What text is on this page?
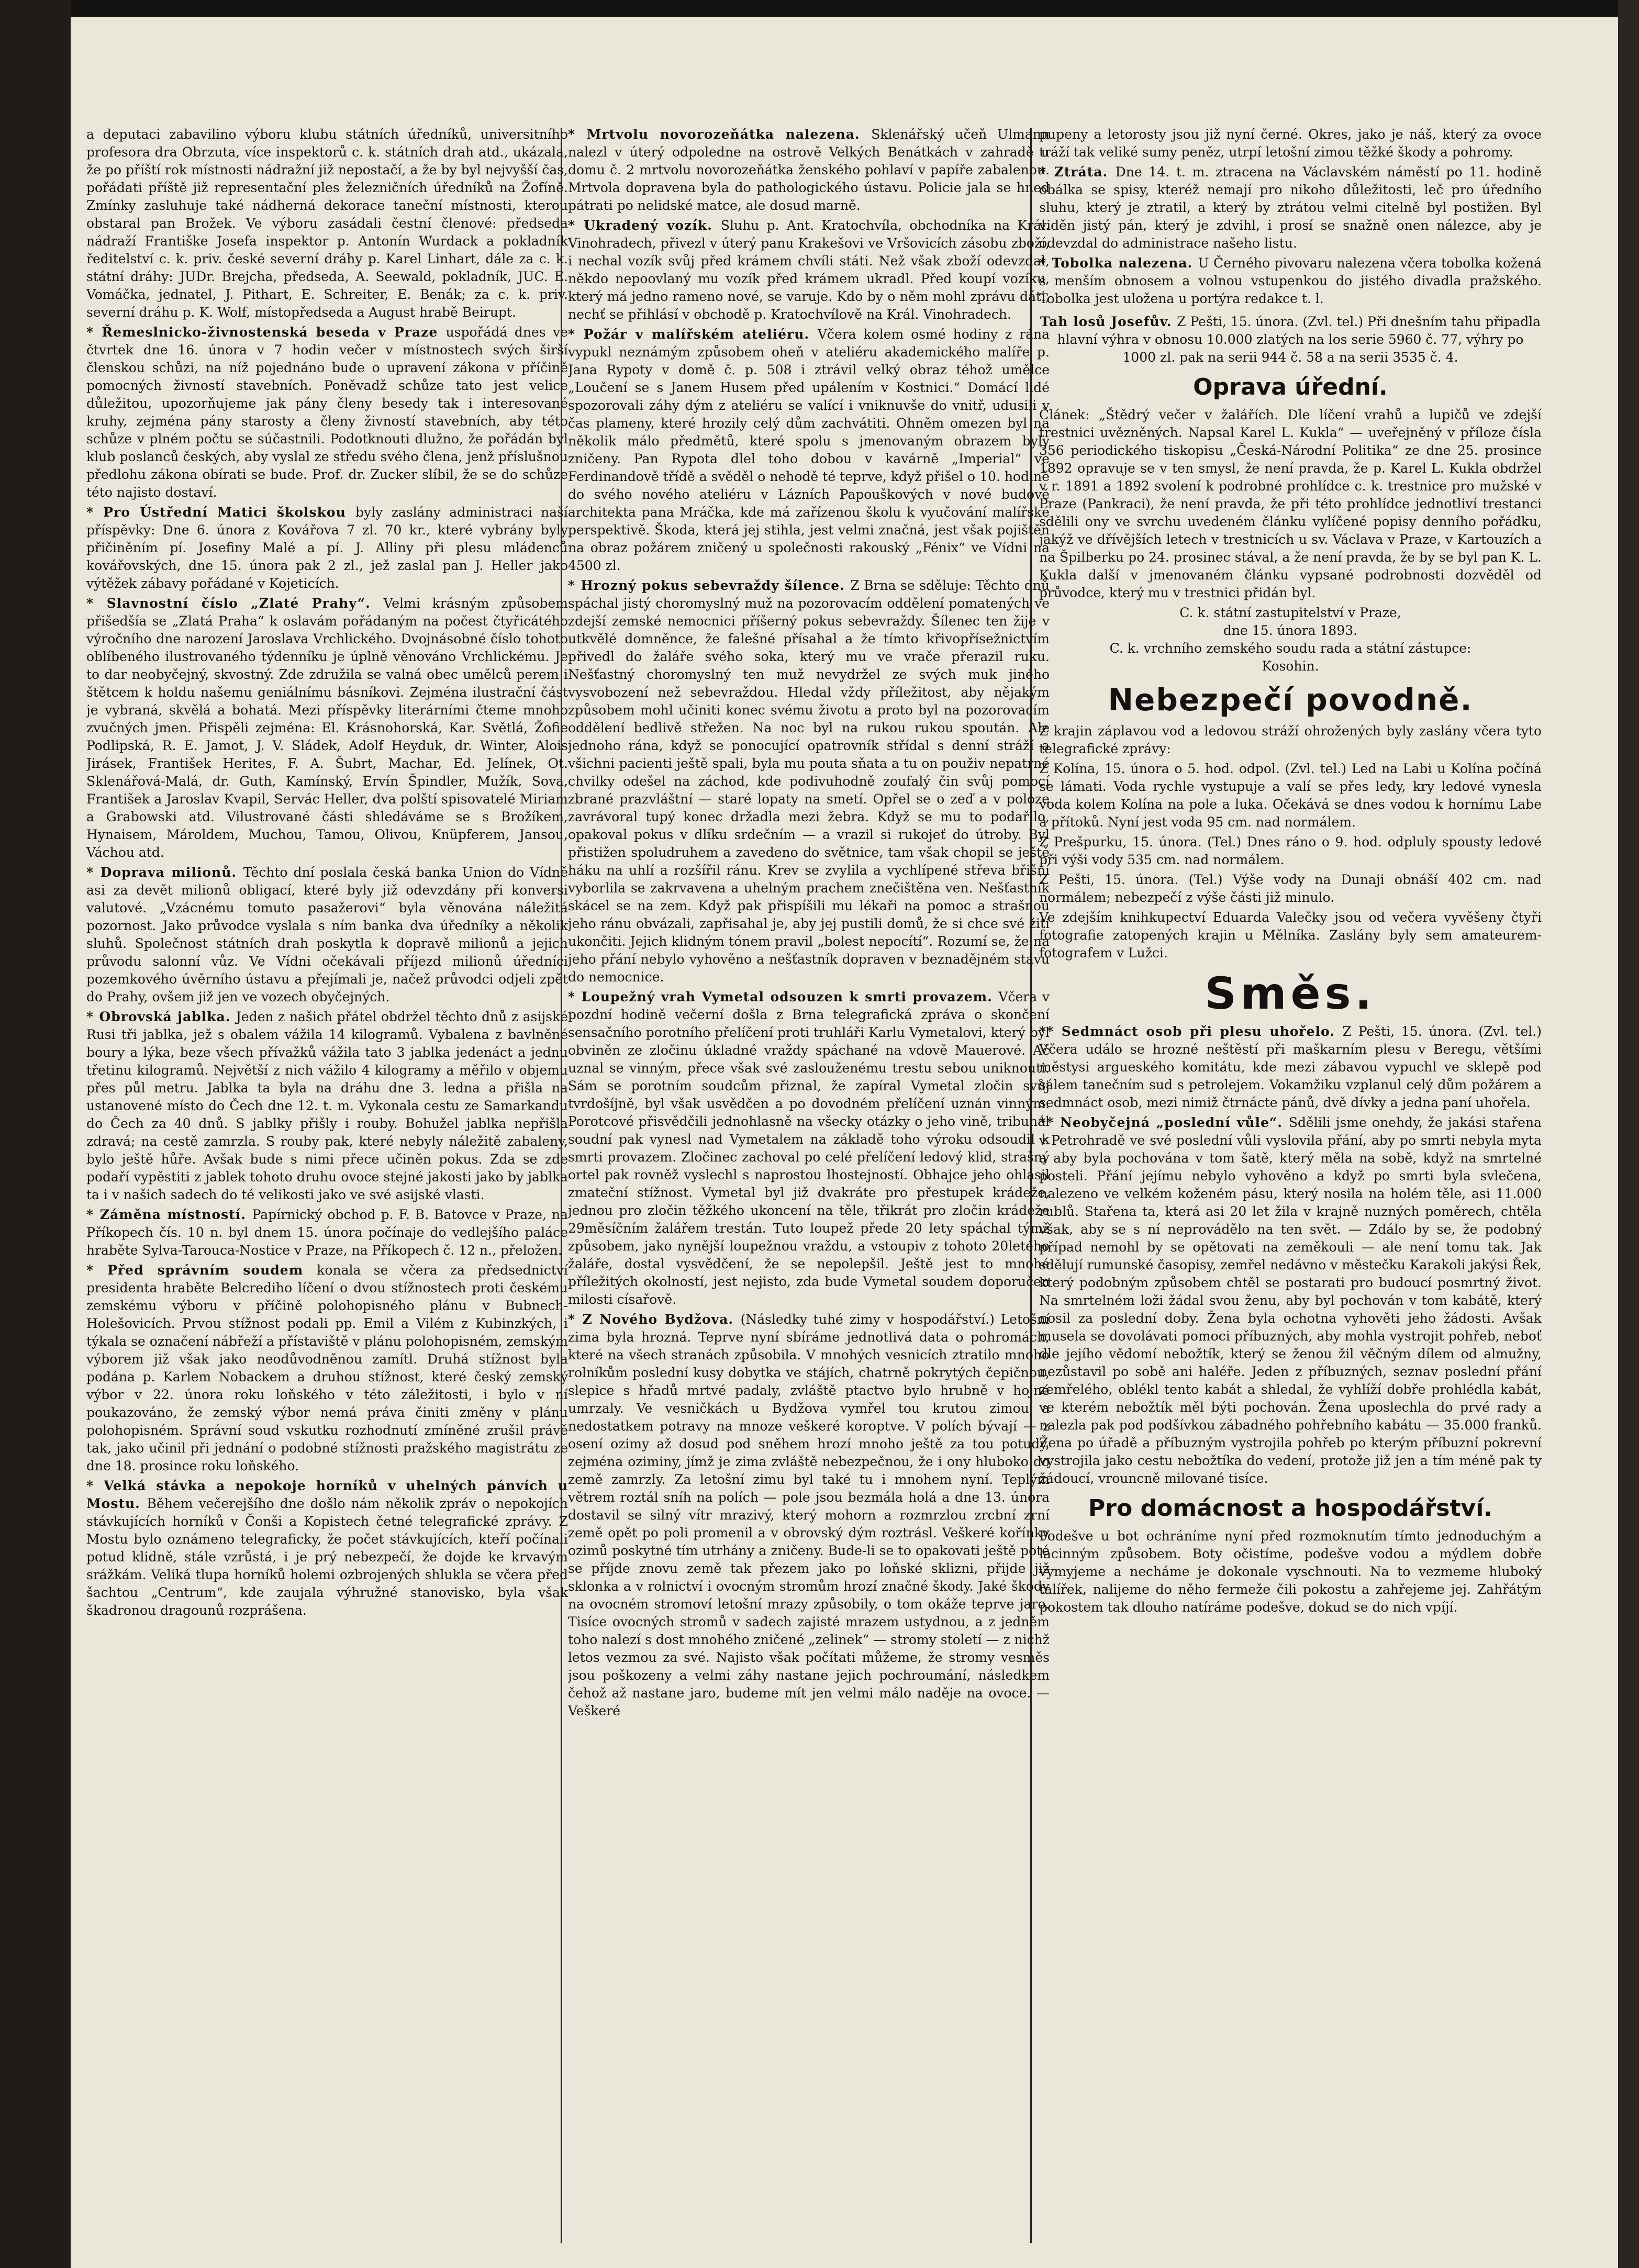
a deputaci zabavilino výboru klubu státních úředníků, universitního profesora dra Obrzuta, více inspektorů c. k. státních drah atd., ukázala, že po příští rok místnosti nádražní již nepostačí, a že by byl nejvyšší čas, pořádati příště již representační ples železničních úředníků na Žofíně. Zmínky zasluhuje také nádherná dekorace taneční místnosti, kterou obstaral pan Brožek. Ve výboru zasádali čestní členové: předseda nádraží Františke Josefa inspektor p. Antonín Wurdack a pokladník ředitelství c. k. priv. české severní dráhy p. Karel Linhart, dále za c. k. státní dráhy: JUDr. Brejcha, předseda, A. Seewald, pokladník, JUC. E. Vomáčka, jednatel, J. Pithart, E. Schreiter, E. Benák; za c. k. priv. severní dráhu p. K. Wolf, místopředseda a August hrabě Beirupt.

* Řemeslnicko-živnostenská beseda v Praze uspořádá dnes ve čtvrtek dne 16. února v 7 hodin večer v místnostech svých širší členskou schůzi, na níž pojednáno bude o upravení zákona v příčině pomocných živností stavebních. Poněvadž schůze tato jest velice důležitou, upozorňujeme jak pány členy besedy tak i interesované kruhy, zejména pány starosty a členy živností stavebních, aby této schůze v plném počtu se súčastnili. Podotknouti dlužno, že pořádán byl klub poslanců českých, aby vyslal ze středu svého člena, jenž příslušnou předlohu zákona obírati se bude. Prof. dr. Zucker slíbil, že se do schůze této najisto dostaví.

* Pro Ústřední Matici školskou byly zaslány administraci naší příspěvky: Dne 6. února z Kovářova 7 zl. 70 kr., které vybrány byly přičiněním pí. Josefiny Malé a pí. J. Alliny při plesu mládenců kovářovských, dne 15. února pak 2 zl., jež zaslal pan J. Heller jako výtěžek zábavy pořádané v Kojeticích.

* Slavnostní číslo „Zlaté Prahy“. Velmi krásným způsobem přišedšía se „Zlatá Praha“ k oslavám pořádaným na počest čtyřicátého výročního dne narození Jaroslava Vrchlického. Dvojnásobné číslo tohoto oblíbeného ilustrovaného týdenníku je úplně věnováno Vrchlickému. Je to dar neobyčejný, skvostný. Zde združila se valná obec umělců perem i štětcem k holdu našemu geniálnímu básníkovi. Zejména ilustrační část je vybraná, skvělá a bohatá. Mezi příspěvky literárními čteme mnoho zvučných jmen. Přispěli zejména: El. Krásnohorská, Kar. Světlá, Žofie Podlipská, R. E. Jamot, J. V. Sládek, Adolf Heyduk, dr. Winter, Alois Jirásek, František Herites, F. A. Šubrt, Machar, Ed. Jelínek, Ot. Sklenářová-Malá, dr. Guth, Kamínský, Ervín Špindler, Mužík, Sova, František a Jaroslav Kvapil, Servác Heller, dva polští spisovatelé Miriam a Grabowski atd. Vilustrované části shledáváme se s Brožíkem, Hynaisem, Mároldem, Muchou, Tamou, Olivou, Knüpferem, Jansou, Váchou atd.

* Doprava milionů. Těchto dní poslala česká banka Union do Vídně asi za devět milionů obligací, které byly již odevzdány při konversi valutové. „Vzácnému tomuto pasažerovi“ byla věnována náležitá pozornost. Jako průvodce vyslala s ním banka dva úředníky a několik sluhů. Společnost státních drah poskytla k dopravě milionů a jejich průvodu salonní vůz. Ve Vídni očekávali příjezd milionů úředníci pozemkového úvěrního ústavu a přejímali je, načež průvodci odjeli zpět do Prahy, ovšem již jen ve vozech obyčejných.

* Obrovská jablka. Jeden z našich přátel obdržel těchto dnů z asijské Rusi tři jablka, jež s obalem vážila 14 kilogramů. Vybalena z bavlněné boury a lýka, beze všech přívažků vážila tato 3 jablka jedenáct a jednu třetinu kilogramů. Největší z nich vážilo 4 kilogramy a měřilo v objemu přes půl metru. Jablka ta byla na dráhu dne 3. ledna a přišla na ustanovené místo do Čech dne 12. t. m. Vykonala cestu ze Samarkandu do Čech za 40 dnů. S jablky přišly i rouby. Bohužel jablka nepřišla zdravá; na cestě zamrzla. S rouby pak, které nebyly náležitě zabaleny, bylo ještě hůře. Avšak bude s nimi přece učiněn pokus. Zda se zde podaří vypěstiti z jablek tohoto druhu ovoce stejné jakosti jako by jablka ta i v našich sadech do té velikosti jako ve své asijské vlasti.

* Záměna místností. Papírnický obchod p. F. B. Batovce v Praze, na Příkopech čís. 10 n. byl dnem 15. února počínaje do vedlejšího paláce hraběte Sylva-Tarouca-Nostice v Praze, na Příkopech č. 12 n., přeložen.

* Před správním soudem konala se včera za předsednictví presidenta hraběte Belcrediho líčení o dvou stížnostech proti českému zemskému výboru v příčině polohopisného plánu v Bubnech-Holešovicích. Prvou stížnost podali pp. Emil a Vilém z Kubinzkých, i týkala se označení nábřeží a přístaviště v plánu polohopisném, zemským výborem již však jako neodůvodněnou zamítl. Druhá stížnost byla podána p. Karlem Nobackem a druhou stížnost, které český zemský výbor v 22. února roku loňského v této záležitosti, i bylo v ní poukazováno, že zemský výbor nemá práva činiti změny v plánu polohopisném. Správní soud vskutku rozhodnutí zmíněné zrušil právě tak, jako učinil při jednání o podobné stížnosti pražského magistrátu ze dne 18. prosince roku loňského.

* Velká stávka a nepokoje horníků v uhelných pánvích u Mostu. Během večerejšího dne došlo nám několik zpráv o nepokojích stávkujících horníků v Čonši a Kopistech četné telegrafické zprávy. Z Mostu bylo oznámeno telegraficky, že počet stávkujících, kteří počínali potud klidně, stále vzrůstá, i je prý nebezpečí, že dojde ke krvavým srážkám. Veliká tlupa horníků holemi ozbrojených shlukla se včera před šachtou „Centrum“, kde zaujala výhružné stanovisko, byla však škadronou dragounů rozprášena.

* Mrtvolu novorozeňátka nalezena. Sklenářský učeň Ulmann nalezl v úterý odpoledne na ostrově Velkých Benátkách v zahradě u domu č. 2 mrtvolu novorozeňátka ženského pohlaví v papíře zabalenou. Mrtvola dopravena byla do pathologického ústavu. Policie jala se hned pátrati po nelidské matce, ale dosud marně.

* Ukradený vozík. Sluhu p. Ant. Kratochvíla, obchodníka na Král. Vinohradech, přivezl v úterý panu Krakešovi ve Vršovicích zásobu zboží, i nechal vozík svůj před krámem chvíli státi. Než však zboží odevzdal, někdo nepoovlaný mu vozík před krámem ukradl. Před koupí vozíku, který má jedno rameno nové, se varuje. Kdo by o něm mohl zprávu dáti, nechť se přihlásí v obchodě p. Kratochvílově na Král. Vinohradech.

* Požár v malířském ateliéru. Včera kolem osmé hodiny z rána vypukl neznámým způsobem oheň v ateliéru akademického malíře p. Jana Rypoty v domě č. p. 508 i ztrávil velký obraz téhož umělce „Loučení se s Janem Husem před upálením v Kostnici.“ Domácí lidé spozorovali záhy dým z ateliéru se valící i vniknuvše do vnitř, udusili v čas plameny, které hrozily celý dům zachvátiti. Ohněm omezen byl na několik málo předmětů, které spolu s jmenovaným obrazem byly zničeny. Pan Rypota dlel toho dobou v kavárně „Imperial“ ve Ferdinandově třídě a svěděl o nehodě té teprve, když přišel o 10. hodině do svého nového ateliéru v Lázních Papouškových v nové budově architekta pana Mráčka, kde má zařízenou školu k vyučování malířské perspektivě. Škoda, která jej stihla, jest velmi značná, jest však pojištěn na obraz požárem zničený u společnosti rakouský „Fénix“ ve Vídni na 4500 zl.

* Hrozný pokus sebevraždy šílence. Z Brna se sděluje: Těchto dnů spáchal jistý choromyslný muž na pozorovacím oddělení pomatených ve zdejší zemské nemocnici příšerný pokus sebevraždy. Šílenec ten žije v utkvělé domněnce, že falešné přísahal a že tímto křivopřísežnictvím přivedl do žaláře svého soka, který mu ve vrače přerazil ruku. Nešťastný choromyslný ten muž nevydržel ze svých muk jiného vysvobození než sebevraždou. Hledal vždy příležitost, aby nějakým způsobem mohl učiniti konec svému životu a proto byl na pozorovacím oddělení bedlivě střežen. Na noc byl na rukou rukou spoután. Ale jednoho rána, když se ponocující opatrovník střídal s denní stráží a všichni pacienti ještě spali, byla mu pouta sňata a tu on použiv nepatrné chvilky odešel na záchod, kde podivuhodně zoufalý čin svůj pomocí zbrané prazvláštní — staré lopaty na smetí. Opřel se o zeď a v poloze zavrávoral tupý konec držadla mezi žebra. Když se mu to podařilo, opakoval pokus v dlíku srdečním — a vrazil si rukojeť do útroby. Byl přistižen spoludruhem a zavedeno do světnice, tam však chopil se ještě háku na uhlí a rozšířil ránu. Krev se zvylila a vychlípené střeva břišní vyborlila se zakrvavena a uhelným prachem znečištěna ven. Nešťastník skácel se na zem. Když pak přispíšili mu lékaři na pomoc a strašnou jeho ránu obvázali, zapřisahal je, aby jej pustili domů, že si chce své žití ukončiti. Jejich klidným tónem pravil „bolest nepocítí“. Rozumí se, že na jeho přání nebylo vyhověno a nešťastník dopraven v beznadějném stavu do nemocnice.

* Loupežný vrah Vymetal odsouzen k smrti provazem. Včera v pozdní hodině večerní došla z Brna telegrafická zpráva o skončení sensačního porotního přelíčení proti truhláři Karlu Vymetalovi, který byl obviněn ze zločinu úkladné vraždy spáchané na vdově Mauerové. Ač uznal se vinným, přece však své zaslouženému trestu sebou uniknouti. Sám se porotním soudcům přiznal, že zapíral Vymetal zločin svůj tvrdošíjně, byl však usvědčen a po dovodném přelíčení uznán vinným. Porotcové přisvědčili jednohlasně na všecky otázky o jeho vině, tribunál soudní pak vynesl nad Vymetalem na základě toho výroku odsoudil k smrti provazem. Zločinec zachoval po celé přelíčení ledový klid, strašný ortel pak rovněž vyslechl s naprostou lhostejností. Obhajce jeho ohlásil zmateční stížnost. Vymetal byl již dvakráte pro přestupek krádeže, jednou pro zločin těžkého ukoncení na těle, třikrát pro zločin krádeže 29měsíčním žalářem trestán. Tuto loupež přede 20 lety spáchal týmž způsobem, jako nynější loupežnou vraždu, a vstoupiv z tohoto 20letého žaláře, dostal vysvědčení, že se nepolepšil. Ještě jest to mnohé příležitých okolností, jest nejisto, zda bude Vymetal soudem doporučen milosti císařově.

* Z Nového Bydžova. (Následky tuhé zimy v hospodářství.) Letošní zima byla hrozná. Teprve nyní sbíráme jednotlivá data o pohromách, které na všech stranách způsobila. V mnohých vesnicích ztratilo mnoho rolníkům poslední kusy dobytka ve stájích, chatrně pokrytých čepičnou, slepice s hřadů mrtvé padaly, zvláště ptactvo bylo hrubně v hojné umrzaly. Ve vesničkách u Bydžova vymřel tou krutou zimou a nedostatkem potravy na mnoze veškeré koroptve. V polích bývají — z osení ozimy až dosud pod sněhem hrozí mnoho ještě za tou potudy, zejména oziminy, jímž je zima zvláště nebezpečnou, že i ony hluboko do země zamrzly. Za letošní zimu byl také tu i mnohem nyní. Teplým větrem roztál sníh na polích — pole jsou bezmála holá a dne 13. února dostavil se silný vítr mrazivý, který mohorn a rozmrzlou zrcbní zrní země opět po poli promenil a v obrovský dým roztrásl. Veškeré kořínky ozimů poskytné tím utrhány a zničeny. Bude-li se to opakovati ještě poté se příjde znovu země tak přezem jako po loňské sklizni, přijde již sklonka a v rolnictví i ovocným stromům hrozí značné škody. Jaké škody na ovocném stromoví letošní mrazy způsobily, o tom okáže teprve jaro. Tisíce ovocných stromů v sadech zajisté mrazem ustydnou, a z jedněm toho nalezí s dost mnohého zničené „zelinek“ — stromy století — z nichž letos vezmou za své. Najisto však počítati můžeme, že stromy vesměs jsou poškozeny a velmi záhy nastane jejich pochroumání, následkem čehož až nastane jaro, budeme mít jen velmi málo naděje na ovoce. — Veškeré

pupeny a letorosty jsou již nyní černé. Okres, jako je náš, který za ovoce tráží tak veliké sumy peněz, utrpí letošní zimou těžké škody a pohromy.

* Ztráta. Dne 14. t. m. ztracena na Václavském náměstí po 11. hodině obálka se spisy, kteréž nemají pro nikoho důležitosti, leč pro úředního sluhu, který je ztratil, a který by ztrátou velmi citelně byl postižen. Byl viděn jistý pán, který je zdvihl, i prosí se snažně onen nálezce, aby je odevzdal do administrace našeho listu.

* Tobolka nalezena. U Černého pivovaru nalezena včera tobolka kožená s menším obnosem a volnou vstupenkou do jistého divadla pražského. Tobolka jest uložena u portýra redakce t. l.

Tah losů Josefův. Z Pešti, 15. února. (Zvl. tel.) Při dnešním tahu připadla hlavní výhra v obnosu 10.000 zlatých na los serie 5960 č. 77, výhry po 1000 zl. pak na serii 944 č. 58 a na serii 3535 č. 4.

Oprava úřední.

Článek: „Štědrý večer v žalářích. Dle líčení vrahů a lupičů ve zdejší trestnici uvězněných. Napsal Karel L. Kukla“ — uveřejněný v příloze čísla 356 periodického tiskopisu „Česká-Národní Politika“ ze dne 25. prosince 1892 opravuje se v ten smysl, že není pravda, že p. Karel L. Kukla obdržel v r. 1891 a 1892 svolení k podrobné prohlídce c. k. trestnice pro mužské v Praze (Pankraci), že není pravda, že při této prohlídce jednotliví trestanci sdělili ony ve svrchu uvedeném článku vylíčené popisy denního pořádku, jakýž ve dřívějších letech v trestnicích u sv. Václava v Praze, v Kartouzích a na Špilberku po 24. prosinec stával, a že není pravda, že by se byl pan K. L. Kukla další v jmenovaném článku vypsané podrobnosti dozvěděl od průvodce, který mu v trestnici přidán byl.

C. k. státní zastupitelství v Praze,

dne 15. února 1893.

C. k. vrchního zemského soudu rada a státní zástupce:

Kosohin.

Nebezpečí povodně.

Z krajin záplavou vod a ledovou stráží ohrožených byly zaslány včera tyto telegrafické zprávy:

Z Kolína, 15. února o 5. hod. odpol. (Zvl. tel.) Led na Labi u Kolína počíná se lámati. Voda rychle vystupuje a valí se přes ledy, kry ledové vynesla voda kolem Kolína na pole a luka. Očekává se dnes vodou k hornímu Labe a přítoků. Nyní jest voda 95 cm. nad normálem.

Z Prešpurku, 15. února. (Tel.) Dnes ráno o 9. hod. odpluly spousty ledové při výši vody 535 cm. nad normálem.

Z Pešti, 15. února. (Tel.) Výše vody na Dunaji obnáší 402 cm. nad normálem; nebezpečí z výše části již minulo.

Ve zdejším knihkupectví Eduarda Valečky jsou od večera vyvěšeny čtyři fotografie zatopených krajin u Mělníka. Zaslány byly sem amateurem-fotografem v Lužci.

Směs.

** Sedmnáct osob při plesu uhořelo. Z Pešti, 15. února. (Zvl. tel.) Včera událo se hrozné neštěstí při maškarním plesu v Beregu, většími městysi argueského komitátu, kde mezi zábavou vypuchl ve sklepě pod sálem tanečním sud s petrolejem. Vokamžiku vzplanul celý dům požárem a sedmnáct osob, mezi nimiž čtrnácte pánů, dvě dívky a jedna paní uhořela.

** Neobyčejná „poslední vůle“. Sdělili jsme onehdy, že jakási stařena v Petrohradě ve své poslední vůli vyslovila přání, aby po smrti nebyla myta a aby byla pochována v tom šatě, který měla na sobě, když na smrtelné posteli. Přání jejímu nebylo vyhověno a když po smrti byla svlečena, nalezeno ve velkém koženém pásu, který nosila na holém těle, asi 11.000 rublů. Stařena ta, která asi 20 let žila v krajně nuzných poměrech, chtěla však, aby se s ní neprovádělo na ten svět. — Zdálo by se, že podobný případ nemohl by se opětovati na zeměkouli — ale není tomu tak. Jak sdělují rumunské časopisy, zemřel nedávno v městečku Karakoli jakýsi Řek, který podobným způsobem chtěl se postarati pro budoucí posmrtný život. Na smrtelném loži žádal svou ženu, aby byl pochován v tom kabátě, který nosil za poslední doby. Žena byla ochotna vyhověti jeho žádosti. Avšak musela se dovolávati pomoci příbuzných, aby mohla vystrojit pohřeb, neboť dle jejího vědomí nebožtík, který se ženou žil věčným dílem od almužny, nezůstavil po sobě ani haléře. Jeden z příbuzných, seznav poslední přání zemřelého, oblékl tento kabát a shledal, že vyhlíží dobře prohlédla kabát, ve kterém nebožtík měl býti pochován. Žena uposlechla do prvé rady a nalezla pak pod podšívkou zábadného pohřebního kabátu — 35.000 franků. Žena po úřadě a příbuzným vystrojila pohřeb po kterým příbuzní pokrevní vystrojila jako cestu nebožtíka do vedení, protože již jen a tím méně pak ty žádoucí, vrouncně milované tisíce.

Pro domácnost a hospodářství.

Podešve u bot ochráníme nyní před rozmoknutím tímto jednoduchým a lacinným způsobem. Boty očistíme, podešve vodou a mýdlem dobře vymyjeme a necháme je dokonale vyschnouti. Na to vezmeme hluboký talířek, nalijeme do něho fermeže čili pokostu a zahřejeme jej. Zahřátým pokostem tak dlouho natíráme podešve, dokud se do nich vpíjí.
